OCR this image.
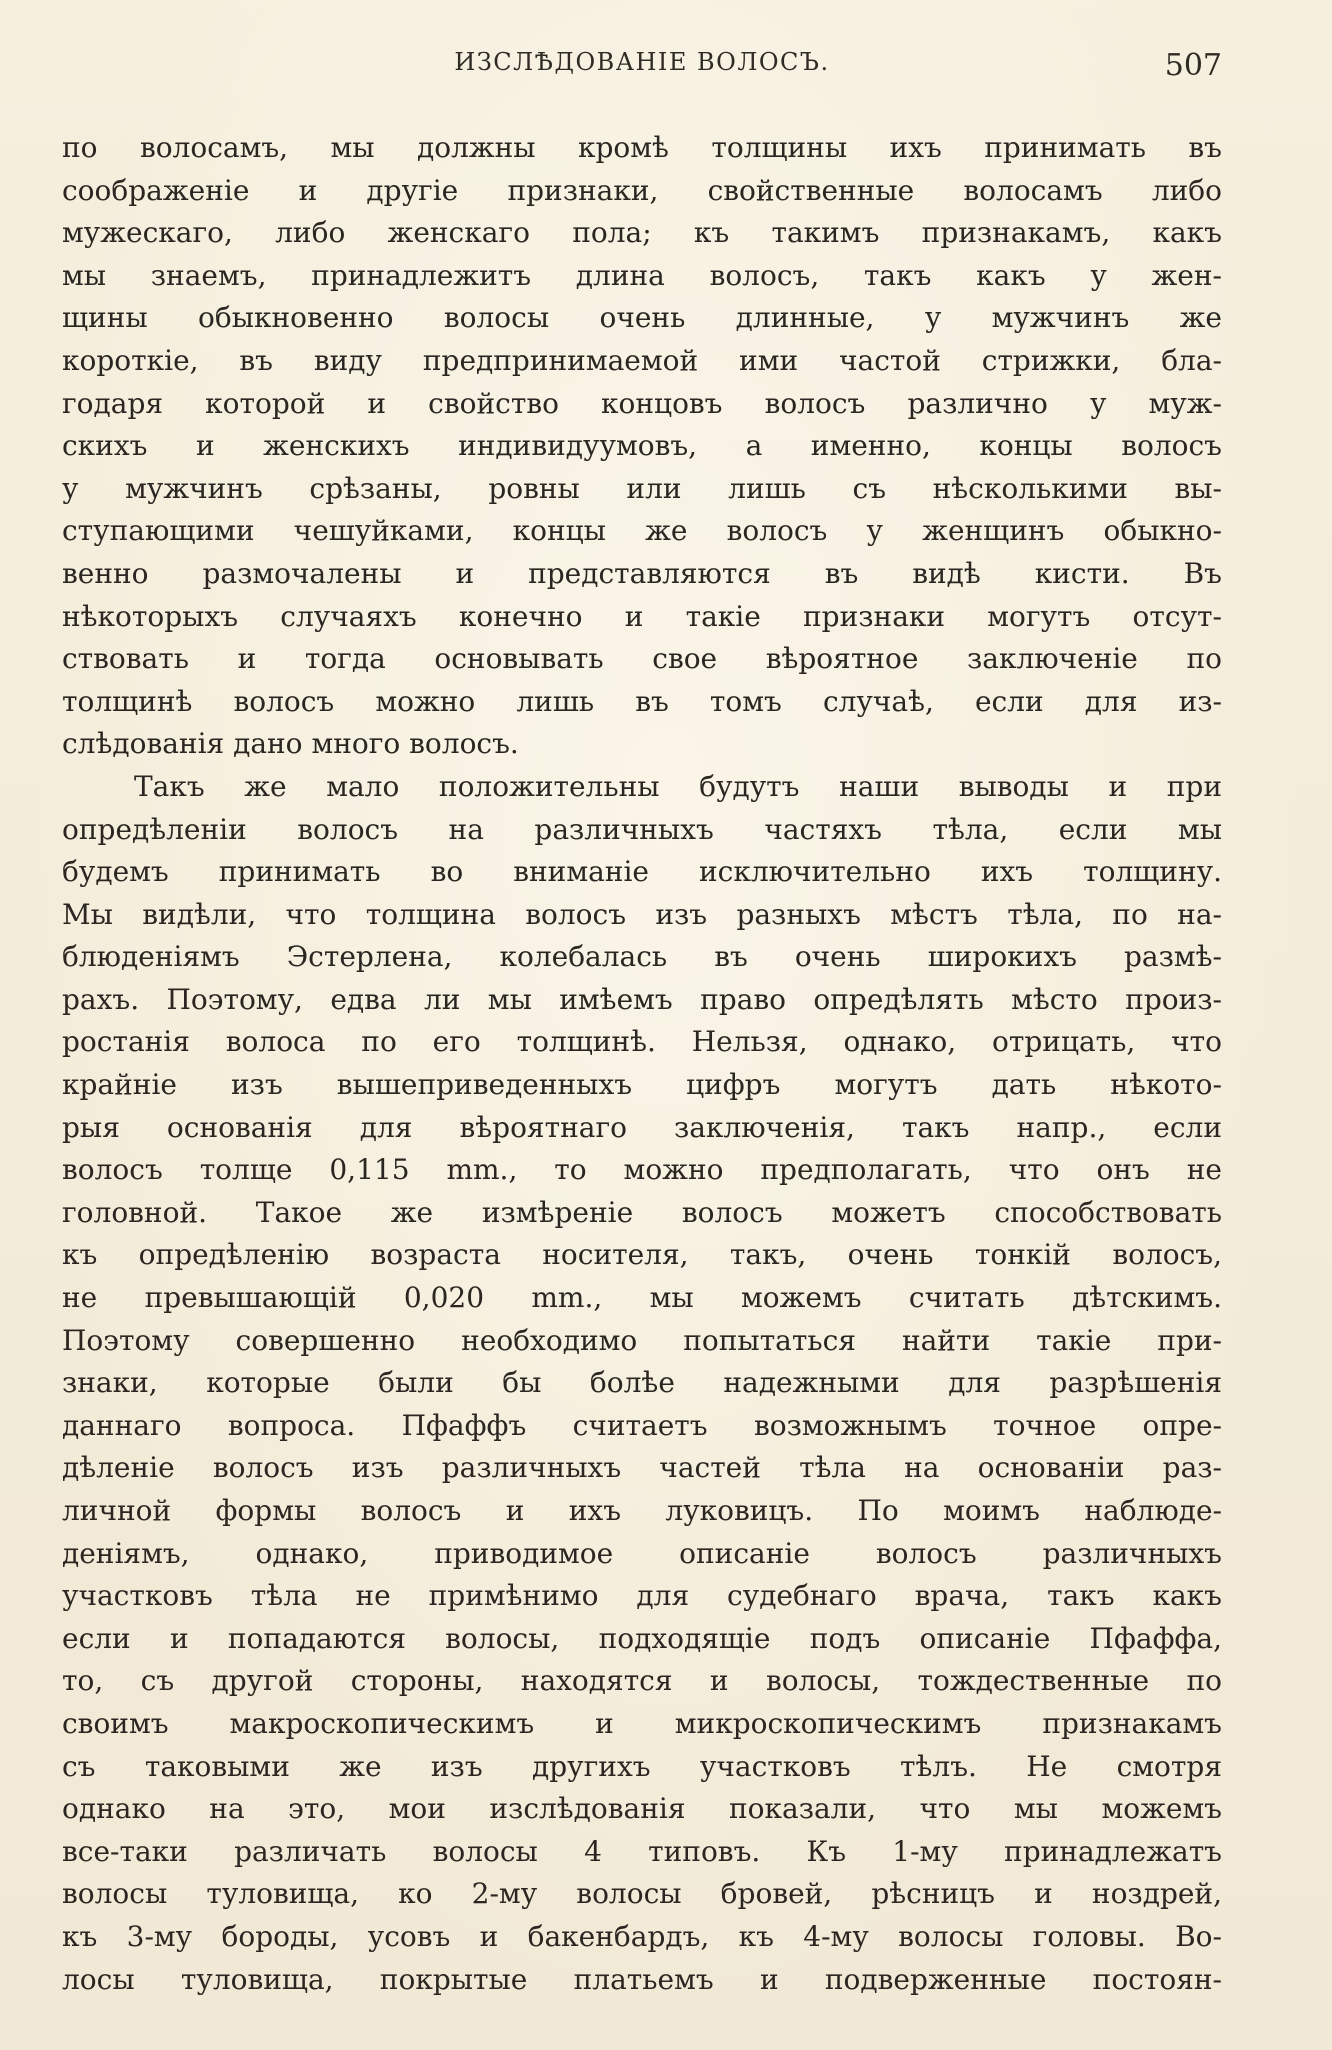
ИЗСЛѢДОВАНІЕ ВОЛОСЪ.	507
по волосамъ, мы должны кромѣ толщины ихъ принимать въ
соображеніе и другіе признаки, свойственные волосамъ либо
мужескаго, либо женскаго пола; къ такимъ признакамъ, какъ
мы знаемъ, принадлежитъ длина волосъ, такъ какъ у жен-
щины обыкновенно волосы очень длинные, у мужчинъ же
короткіе, въ виду предпринимаемой ими частой стрижки, бла-
годаря которой и свойство концовъ волосъ различно у муж-
скихъ и женскихъ индивидуумовъ, а именно, концы волосъ
у мужчинъ срѣзаны, ровны или лишь съ нѣсколькими вы-
ступающими чешуйками, концы же волосъ у женщинъ обыкно-
венно размочалены и представляются въ видѣ кисти. Въ
нѣкоторыхъ случаяхъ конечно и такіе признаки могутъ отсут-
ствовать и тогда основывать свое вѣроятное заключеніе по
толщинѣ волосъ можно лишь въ томъ случаѣ, если для из-
слѣдованія дано много волосъ.
Такъ же мало положительны будутъ наши выводы и при
опредѣленіи волосъ на различныхъ частяхъ тѣла, если мы
будемъ принимать во вниманіе исключительно ихъ толщину.
Мы видѣли, что толщина волосъ изъ разныхъ мѣстъ тѣла, по на-
блюденіямъ Эстерлена, колебалась въ очень широкихъ размѣ-
рахъ. Поэтому, едва ли мы имѣемъ право опредѣлять мѣсто произ-
ростанія волоса по его толщинѣ. Нельзя, однако, отрицать, что
крайніе изъ вышеприведенныхъ цифръ могутъ дать нѣкото-
рыя основанія для вѣроятнаго заключенія, такъ напр., если
волосъ толще 0,115 mm., то можно предполагать, что онъ не
головной. Такое же измѣреніе волосъ можетъ способствовать
къ опредѣленію возраста носителя, такъ, очень тонкій волосъ,
не превышающій 0,020 mm., мы можемъ считать дѣтскимъ.
Поэтому совершенно необходимо попытаться найти такіе при-
знаки, которые были бы болѣе надежными для разрѣшенія
даннаго вопроса. Пфаффъ считаетъ возможнымъ точное опре-
дѣленіе волосъ изъ различныхъ частей тѣла на основаніи раз-
личной формы волосъ и ихъ луковицъ. По моимъ наблюде-
деніямъ, однако, приводимое описаніе волосъ различныхъ
участковъ тѣла не примѣнимо для судебнаго врача, такъ какъ
если и попадаются волосы, подходящіе подъ описаніе Пфаффа,
то, съ другой стороны, находятся и волосы, тождественные по
своимъ макроскопическимъ и микроскопическимъ признакамъ
съ таковыми же изъ другихъ участковъ тѣлъ. Не смотря
однако на это, мои изслѣдованія показали, что мы можемъ
все-таки различать волосы 4 типовъ. Къ 1-му принадлежатъ
волосы туловища, ко 2-му волосы бровей, рѣсницъ и ноздрей,
къ 3-му бороды, усовъ и бакенбардъ, къ 4-му волосы головы. Во-
лосы туловища, покрытые платьемъ и подверженные постоян-
